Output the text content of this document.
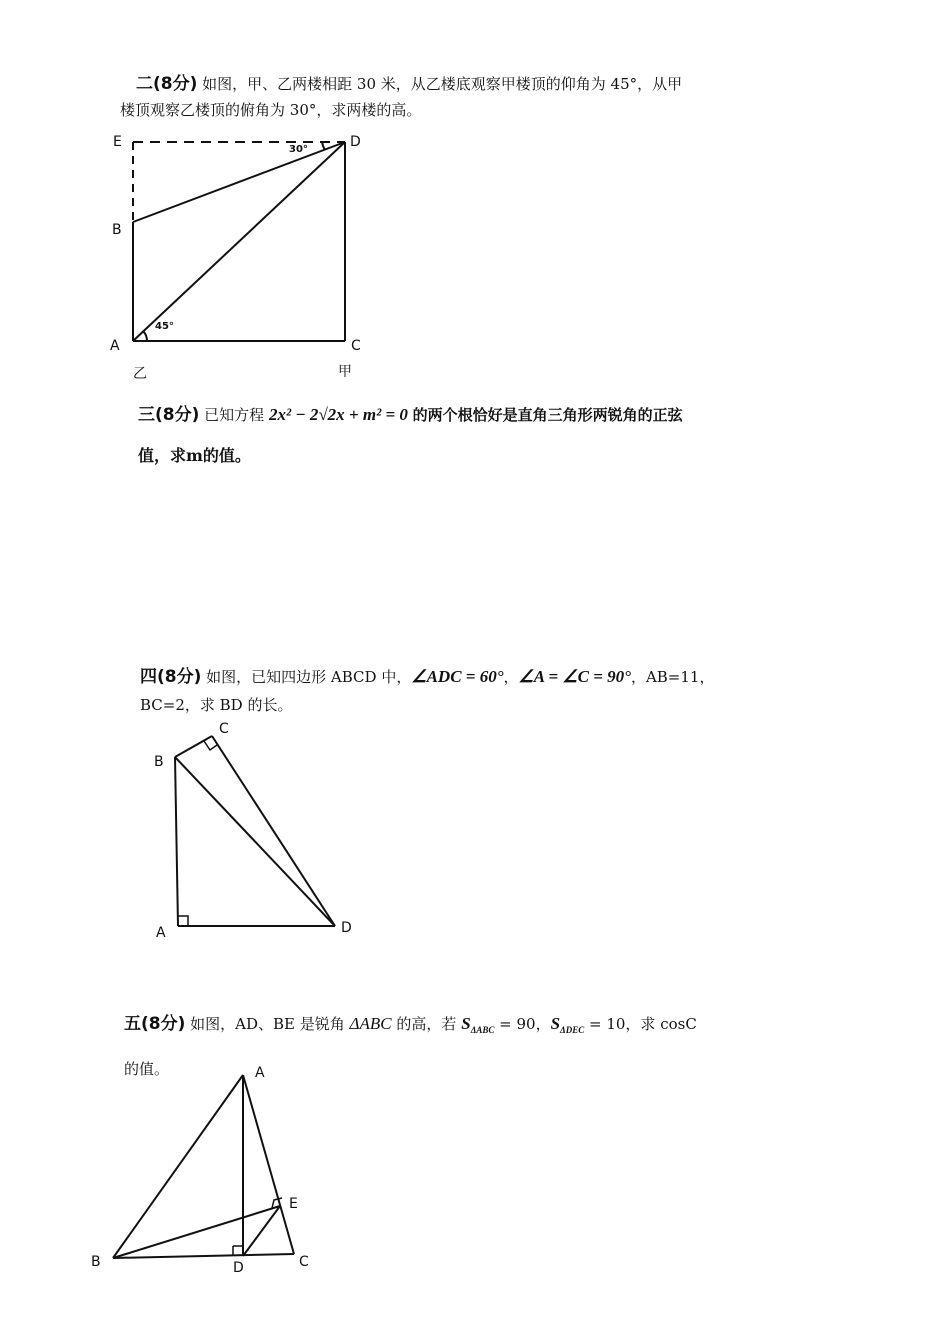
二(8分) 如图，甲、乙两楼相距 30 米，从乙楼底观察甲楼顶的仰角为 45°，从甲
楼顶观察乙楼顶的俯角为 30°，求两楼的高。
三(8分) 已知方程 2x² − 2√2x + m² = 0 的两个根恰好是直角三角形两锐角的正弦
值，求m的值。
四(8分) 如图，已知四边形 ABCD 中，∠ADC = 60°，∠A = ∠C = 90°，AB=11，
BC=2，求 BD 的长。
五(8分) 如图，AD、BE 是锐角 ΔABC 的高，若 $S_{\Delta ABC} = 90$，$S_{\Delta DEC} = 10$，求 cosC
的值。
E	D
B
A	C
乙	甲
30°
45°
B
C
A	D
A
B	C
D
E
